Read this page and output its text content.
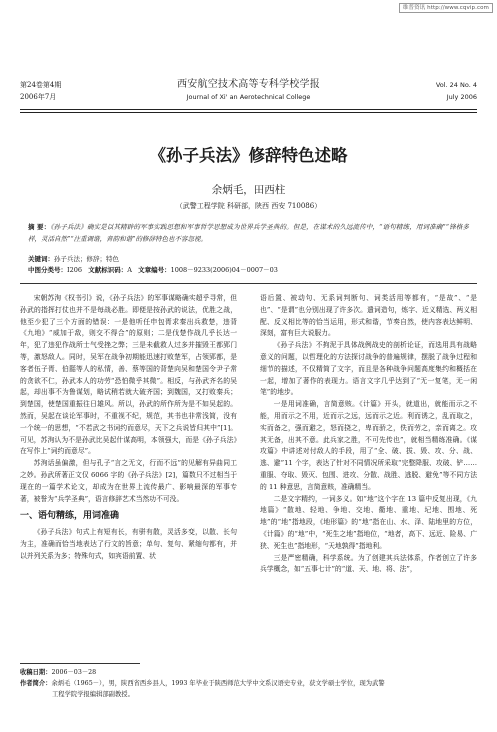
维普资讯 http://www.cqvip.com
第24卷第4期
2006年7月
西安航空技术高等专科学校学报
Journal of Xi' an Aerotechnical College
Vol. 24 No. 4
July 2006
《孙子兵法》修辞特色述略
余炳毛，田西柱
（武警工程学院 科研部，陕西 西安 710086）
摘 要：《孙子兵法》确实是以其精辟的军事实践思想和军事哲学思想成为世界兵学圣典的。但是，在谋术的久远流传中，“语句精练，用词准确”“锋格多样，灵活自然”“注重调谐，音韵和谐”的修辞特色也不容忽视。
关键词：孙子兵法；修辞；特色
中图分类号：I206 文献标识码：A 文章编号：1008－9233(2006)04－0007－03

宋朝苏洵《权书引》说，《孙子兵法》的军事谋略确实超乎寻常，但孙武的指挥打仗也并不是每战必胜。即便是按孙武的说法，优胜之战，他至少犯了三个方面的错误：一是他听任申包胥求秦出兵救楚，违背《九地》“威加于敌，则交不得合”的原则；二是伐楚作战几乎长达一年，犯了违犯作战所士气受挫之弊；三是未截救人过多并摧毁王都郢门等，激怒敌人。同时，吴军在战争初期能迅速打败楚军，占领郢都，是客者伍子胥、伯嚭等人的私情，善、蔡等国的背楚向吴和楚国令尹子常的贪欲不仁，孙武本人的功劳“恐怕微乎其微”。相反，与孙武齐名的吴起，却出事不为鲁谋划，略试稍若就大破齐国；到魏国，又打败秦兵；到楚国，使楚国重振往日雄风。所以，孙武的所作所为是不如吴起的。然而，吴起在谈论军事时，不重视不纪，规范，其书也非常浅简，没有一个统一的思想，“不若武之书词约而意尽，天下之兵说皆归其中”[1]。可见，苏洵认为不是孙武比吴起什谋高明，本领强大，而是《孙子兵法》在写作上“词约而意尽”。

苏洵话虽偏激，但与孔子“言之无文，行而不远”的见解有异曲同工之妙。孙武所著正文仅 6066 字的《孙子兵法》[2]，篇数只不过相当于现在的一篇学术论文，却成为在世界上流传最广、影响最深的军事专著，被誉为“兵学圣典”，语言修辞艺术当然功不可没。

一、语句精练，用词准确

《孙子兵法》句式上有短有长，有骈有散，灵活多变，以散、长句为主，准确而恰当地表达了行文的旨意；单句、复句、紧缩句都有，并以并列关系为多；特殊句式，如宾语前置、状

语后置、被动句、无系词判断句、词类活用等都有，“是故”、“是也”、“是谓”也分别出现了许多次。遣词造句，炼字、近义精选、两义相配、反义相比等的恰当运用，形式和谐，节奏自然，使内容表达鲜明、深刻，富有巨大说服力。

《孙子兵法》不拘泥于具体战例战史的剖析论证，而选用具有战略意义的问题，以哲理化的方法探讨战争的普遍规律，摆脱了战争过程和细节的描述，不仅精简了文字，而且是各种战争问题高度集约和概括在一起，增加了著作的表现力。语言文字几乎达到了“无一复笔，无一闲笔”的地步。

一是用词准确，言简意赅。《计篇》开头，就道出，就能而示之不能，用而示之不用，近而示之远，远而示之近。利而诱之，乱而取之，实而备之，强而避之，怒而挠之，卑而骄之，佚而劳之，亲而离之。攻其无备，出其不意。此兵家之胜，不可先传也”，就相当精练准确。《谋攻篇》中讲述对付敌人的手段，用了“全、破、拔、毁、攻、分、战、逃、避”11 个字，表达了针对不同情况所采取“完整降服、攻破、铲……重服、夺取、毁灭、包围、进攻、分散、战胜、逃脱、避免”等不同方法的 11 种意思，言简意赅，准确精当。

二是文字精约，一词多义。如“地”这个字在 13 篇中反复出现，《九地篇》“散地、轻地、争地、交地、衢地、重地、圮地、围地、死地”的“地”指地段，《地形篇》的“地”指在山、水、泽、陆地里的方位，《计篇》的“地”中，“死生之地”指地位，“地者，高下、远近、险易、广狭、死生也”指地形，“天地孰得”指地利。

三是严密精确，科学系统。为了创建其兵法体系，作者创立了许多兵学概念，如“五事七计”的“道、天、地、将、法”，

收稿日期：2006－03－28
作者简介：余炳毛（1965－），男，陕西省西乡县人，1993 年毕业于陕西师范大学中文系汉语史专业，获文学硕士学位，现为武警
工程学院学报编辑部副教授。
